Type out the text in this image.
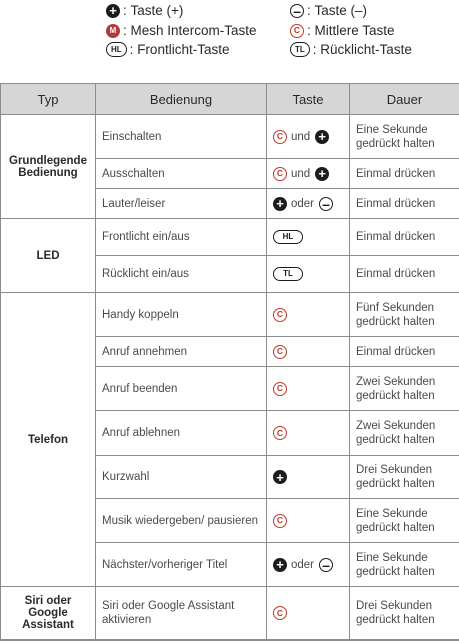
+ : Taste (+)	– : Taste (–)
M : Mesh Intercom-Taste	C : Mittlere Taste
HL : Frontlicht-Taste	TL : Rücklicht-Taste
Typ	Bedienung	Taste	Dauer
Grundlegende Bedienung	Einschalten	C und +	Eine Sekunde gedrückt halten
	Ausschalten	C und +	Einmal drücken
	Lauter/leiser	+ oder –	Einmal drücken
LED	Frontlicht ein/aus	HL	Einmal drücken
	Rücklicht ein/aus	TL	Einmal drücken
Telefon	Handy koppeln	C	Fünf Sekunden gedrückt halten
	Anruf annehmen	C	Einmal drücken
	Anruf beenden	C	Zwei Sekunden gedrückt halten
	Anruf ablehnen	C	Zwei Sekunden gedrückt halten
	Kurzwahl	+	Drei Sekunden gedrückt halten
	Musik wiedergeben/ pausieren	C	Eine Sekunde gedrückt halten
	Nächster/vorheriger Titel	+ oder –	Eine Sekunde gedrückt halten
Siri oder Google Assistant	Siri oder Google Assistant aktivieren	C	Drei Sekunden gedrückt halten
